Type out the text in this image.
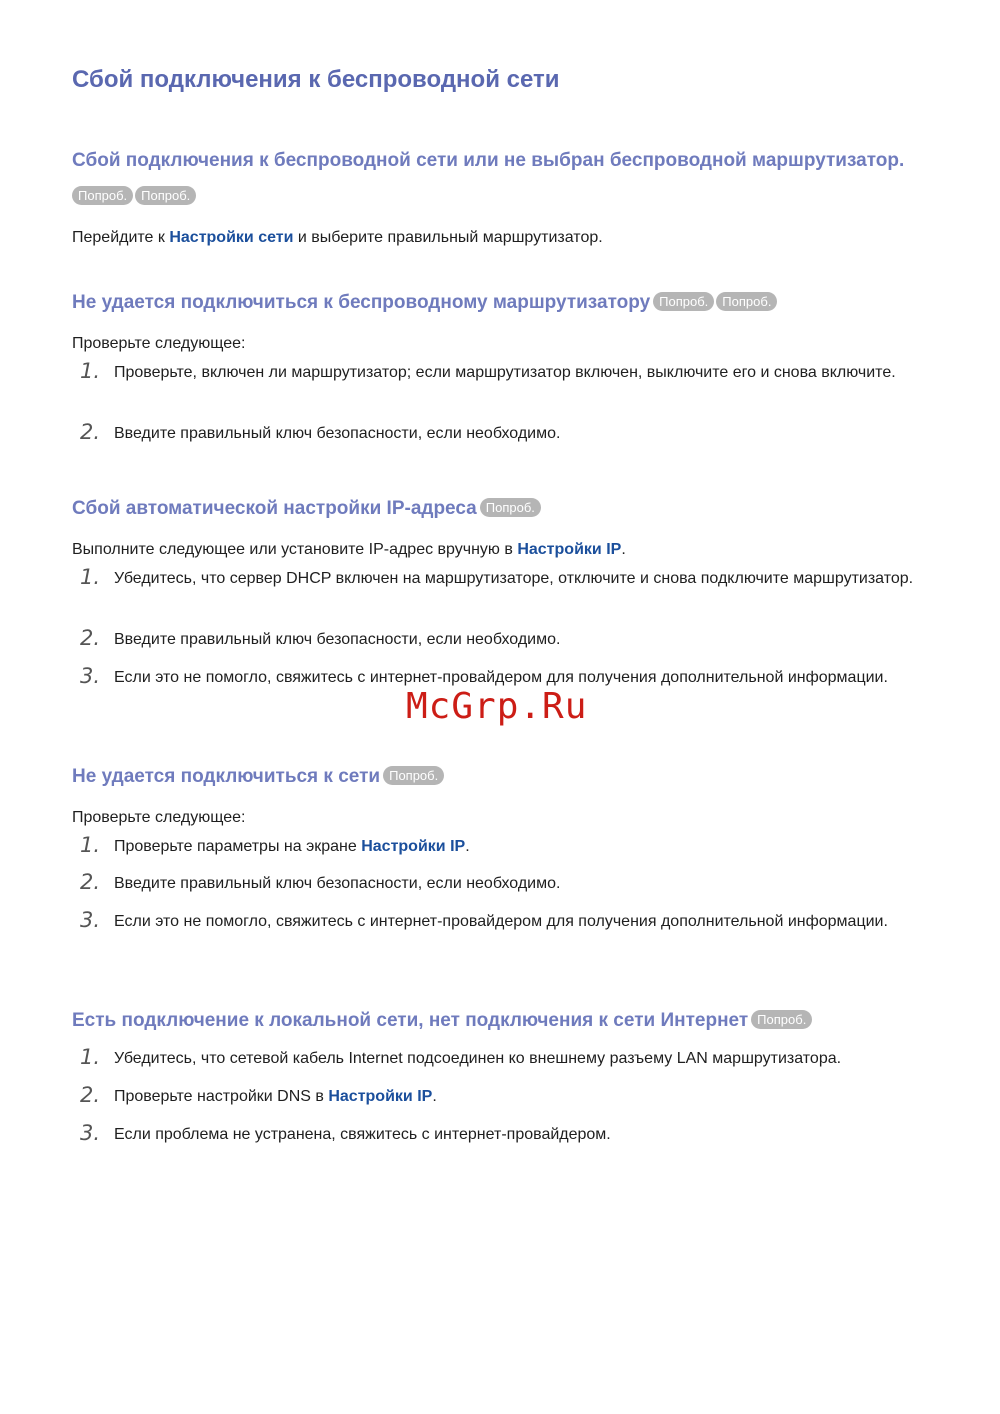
Сбой подключения к беспроводной сети
Сбой подключения к беспроводной сети или не выбран беспроводной маршрутизатор.
Попроб. Попроб.

Перейдите к Настройки сети и выберите правильный маршрутизатор.

Не удается подключиться к беспроводному маршрутизатору Попроб. Попроб.

Проверьте следующее:

1. Проверьте, включен ли маршрутизатор; если маршрутизатор включен, выключите его и снова включите.
2. Введите правильный ключ безопасности, если необходимо.
Сбой автоматической настройки IP-адреса Попроб.

Выполните следующее или установите IP-адрес вручную в Настройки IP.

1. Убедитесь, что сервер DHCP включен на маршрутизаторе, отключите и снова подключите маршрутизатор.
2. Введите правильный ключ безопасности, если необходимо.
3. Если это не помогло, свяжитесь с интернет-провайдером для получения дополнительной информации.
Не удается подключиться к сети Попроб.

Проверьте следующее:

1. Проверьте параметры на экране Настройки IP.
2. Введите правильный ключ безопасности, если необходимо.
3. Если это не помогло, свяжитесь с интернет-провайдером для получения дополнительной информации.
Есть подключение к локальной сети, нет подключения к сети Интернет Попроб.
1. Убедитесь, что сетевой кабель Internet подсоединен ко внешнему разъему LAN маршрутизатора.
2. Проверьте настройки DNS в Настройки IP.
3. Если проблема не устранена, свяжитесь с интернет-провайдером.
McGrp.Ru
